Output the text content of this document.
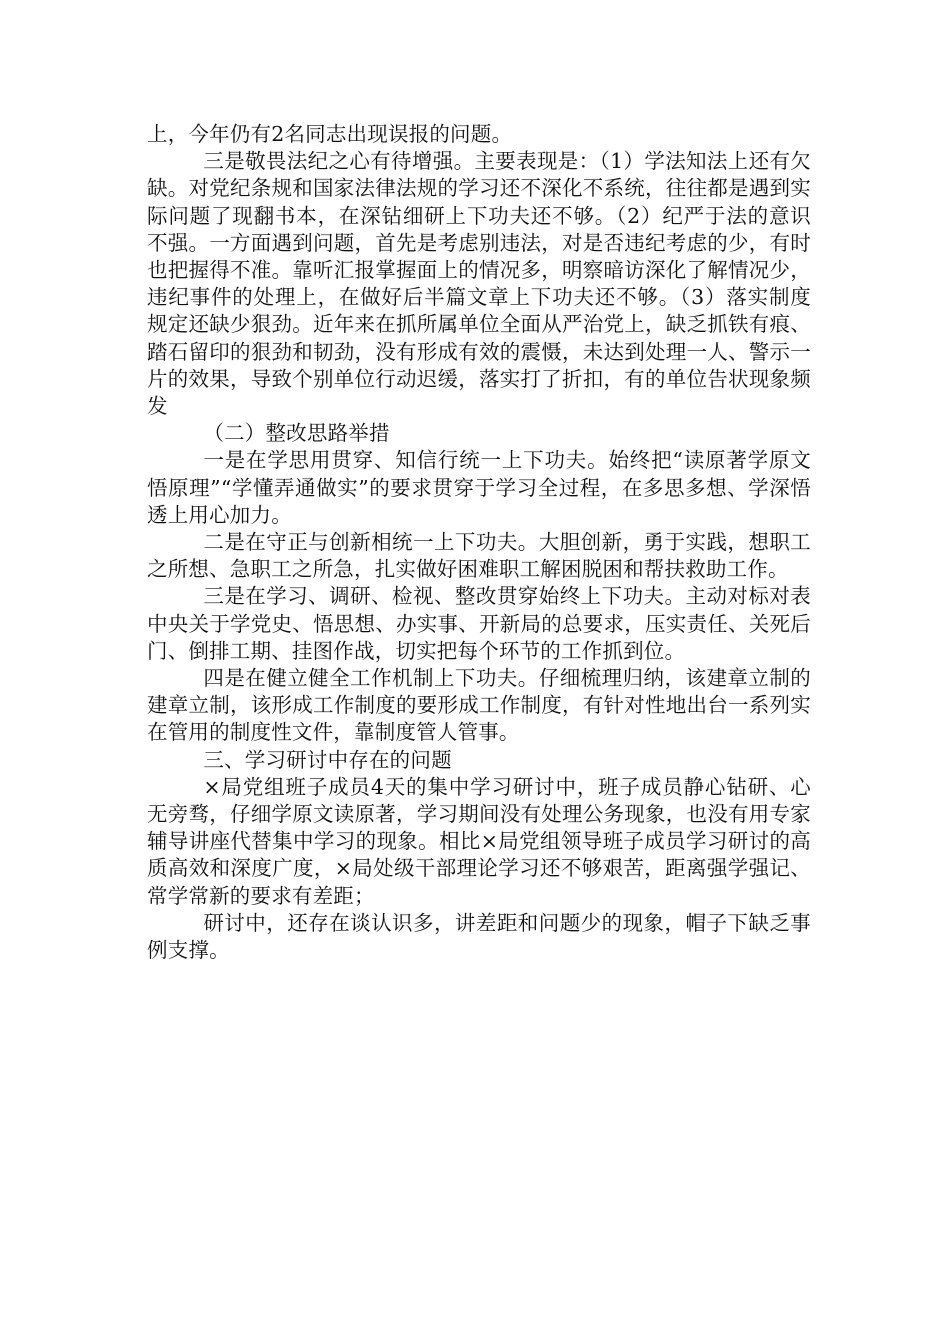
上，今年仍有2名同志出现误报的问题。

三是敬畏法纪之心有待增强。主要表现是：（1）学法知法上还有欠缺。对党纪条规和国家法律法规的学习还不深化不系统，往往都是遇到实际问题了现翻书本，在深钻细研上下功夫还不够。（2）纪严于法的意识不强。一方面遇到问题，首先是考虑别违法，对是否违纪考虑的少，有时也把握得不准。靠听汇报掌握面上的情况多，明察暗访深化了解情况少，违纪事件的处理上，在做好后半篇文章上下功夫还不够。（3）落实制度规定还缺少狠劲。近年来在抓所属单位全面从严治党上，缺乏抓铁有痕、踏石留印的狠劲和韧劲，没有形成有效的震慑，未达到处理一人、警示一片的效果，导致个别单位行动迟缓，落实打了折扣，有的单位告状现象频发

（二）整改思路举措

一是在学思用贯穿、知信行统一上下功夫。始终把“读原著学原文悟原理”“学懂弄通做实”的要求贯穿于学习全过程，在多思多想、学深悟透上用心加力。

二是在守正与创新相统一上下功夫。大胆创新，勇于实践，想职工之所想、急职工之所急，扎实做好困难职工解困脱困和帮扶救助工作。

三是在学习、调研、检视、整改贯穿始终上下功夫。主动对标对表中央关于学党史、悟思想、办实事、开新局的总要求，压实责任、关死后门、倒排工期、挂图作战，切实把每个环节的工作抓到位。

四是在健立健全工作机制上下功夫。仔细梳理归纳，该建章立制的建章立制，该形成工作制度的要形成工作制度，有针对性地出台一系列实在管用的制度性文件，靠制度管人管事。

三、学习研讨中存在的问题

×局党组班子成员4天的集中学习研讨中，班子成员静心钻研、心无旁骛，仔细学原文读原著，学习期间没有处理公务现象，也没有用专家辅导讲座代替集中学习的现象。相比×局党组领导班子成员学习研讨的高质高效和深度广度，×局处级干部理论学习还不够艰苦，距离强学强记、常学常新的要求有差距；

研讨中，还存在谈认识多，讲差距和问题少的现象，帽子下缺乏事例支撑。
